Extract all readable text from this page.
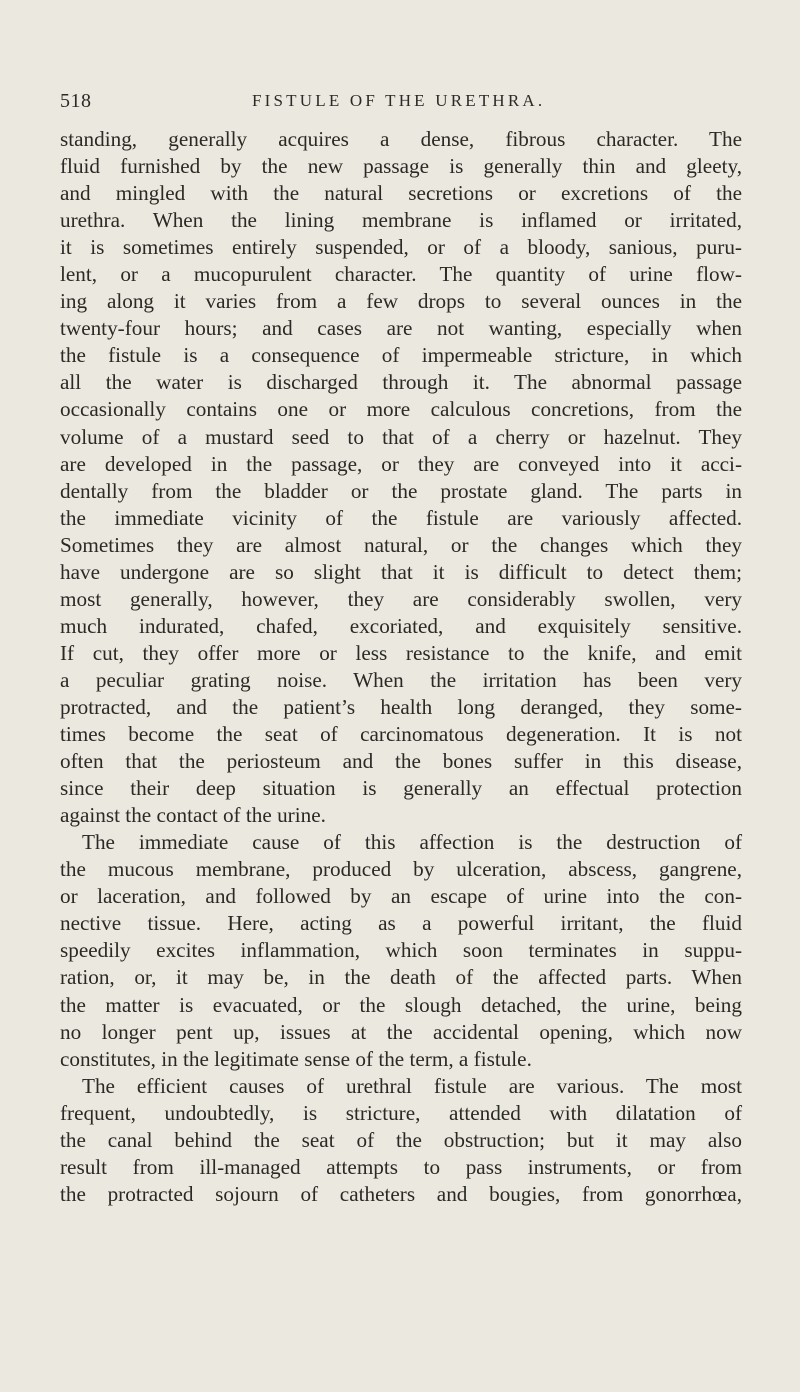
518	FISTULE OF THE URETHRA.
standing, generally acquires a dense, fibrous character. The
fluid furnished by the new passage is generally thin and gleety,
and mingled with the natural secretions or excretions of the
urethra. When the lining membrane is inflamed or irritated,
it is sometimes entirely suspended, or of a bloody, sanious, puru-
lent, or a mucopurulent character. The quantity of urine flow-
ing along it varies from a few drops to several ounces in the
twenty-four hours; and cases are not wanting, especially when
the fistule is a consequence of impermeable stricture, in which
all the water is discharged through it. The abnormal passage
occasionally contains one or more calculous concretions, from the
volume of a mustard seed to that of a cherry or hazelnut. They
are developed in the passage, or they are conveyed into it acci-
dentally from the bladder or the prostate gland. The parts in
the immediate vicinity of the fistule are variously affected.
Sometimes they are almost natural, or the changes which they
have undergone are so slight that it is difficult to detect them;
most generally, however, they are considerably swollen, very
much indurated, chafed, excoriated, and exquisitely sensitive.
If cut, they offer more or less resistance to the knife, and emit
a peculiar grating noise. When the irritation has been very
protracted, and the patient’s health long deranged, they some-
times become the seat of carcinomatous degeneration. It is not
often that the periosteum and the bones suffer in this disease,
since their deep situation is generally an effectual protection
against the contact of the urine.
The immediate cause of this affection is the destruction of
the mucous membrane, produced by ulceration, abscess, gangrene,
or laceration, and followed by an escape of urine into the con-
nective tissue. Here, acting as a powerful irritant, the fluid
speedily excites inflammation, which soon terminates in suppu-
ration, or, it may be, in the death of the affected parts. When
the matter is evacuated, or the slough detached, the urine, being
no longer pent up, issues at the accidental opening, which now
constitutes, in the legitimate sense of the term, a fistule.
The efficient causes of urethral fistule are various. The most
frequent, undoubtedly, is stricture, attended with dilatation of
the canal behind the seat of the obstruction; but it may also
result from ill-managed attempts to pass instruments, or from
the protracted sojourn of catheters and bougies, from gonorrhœa,
